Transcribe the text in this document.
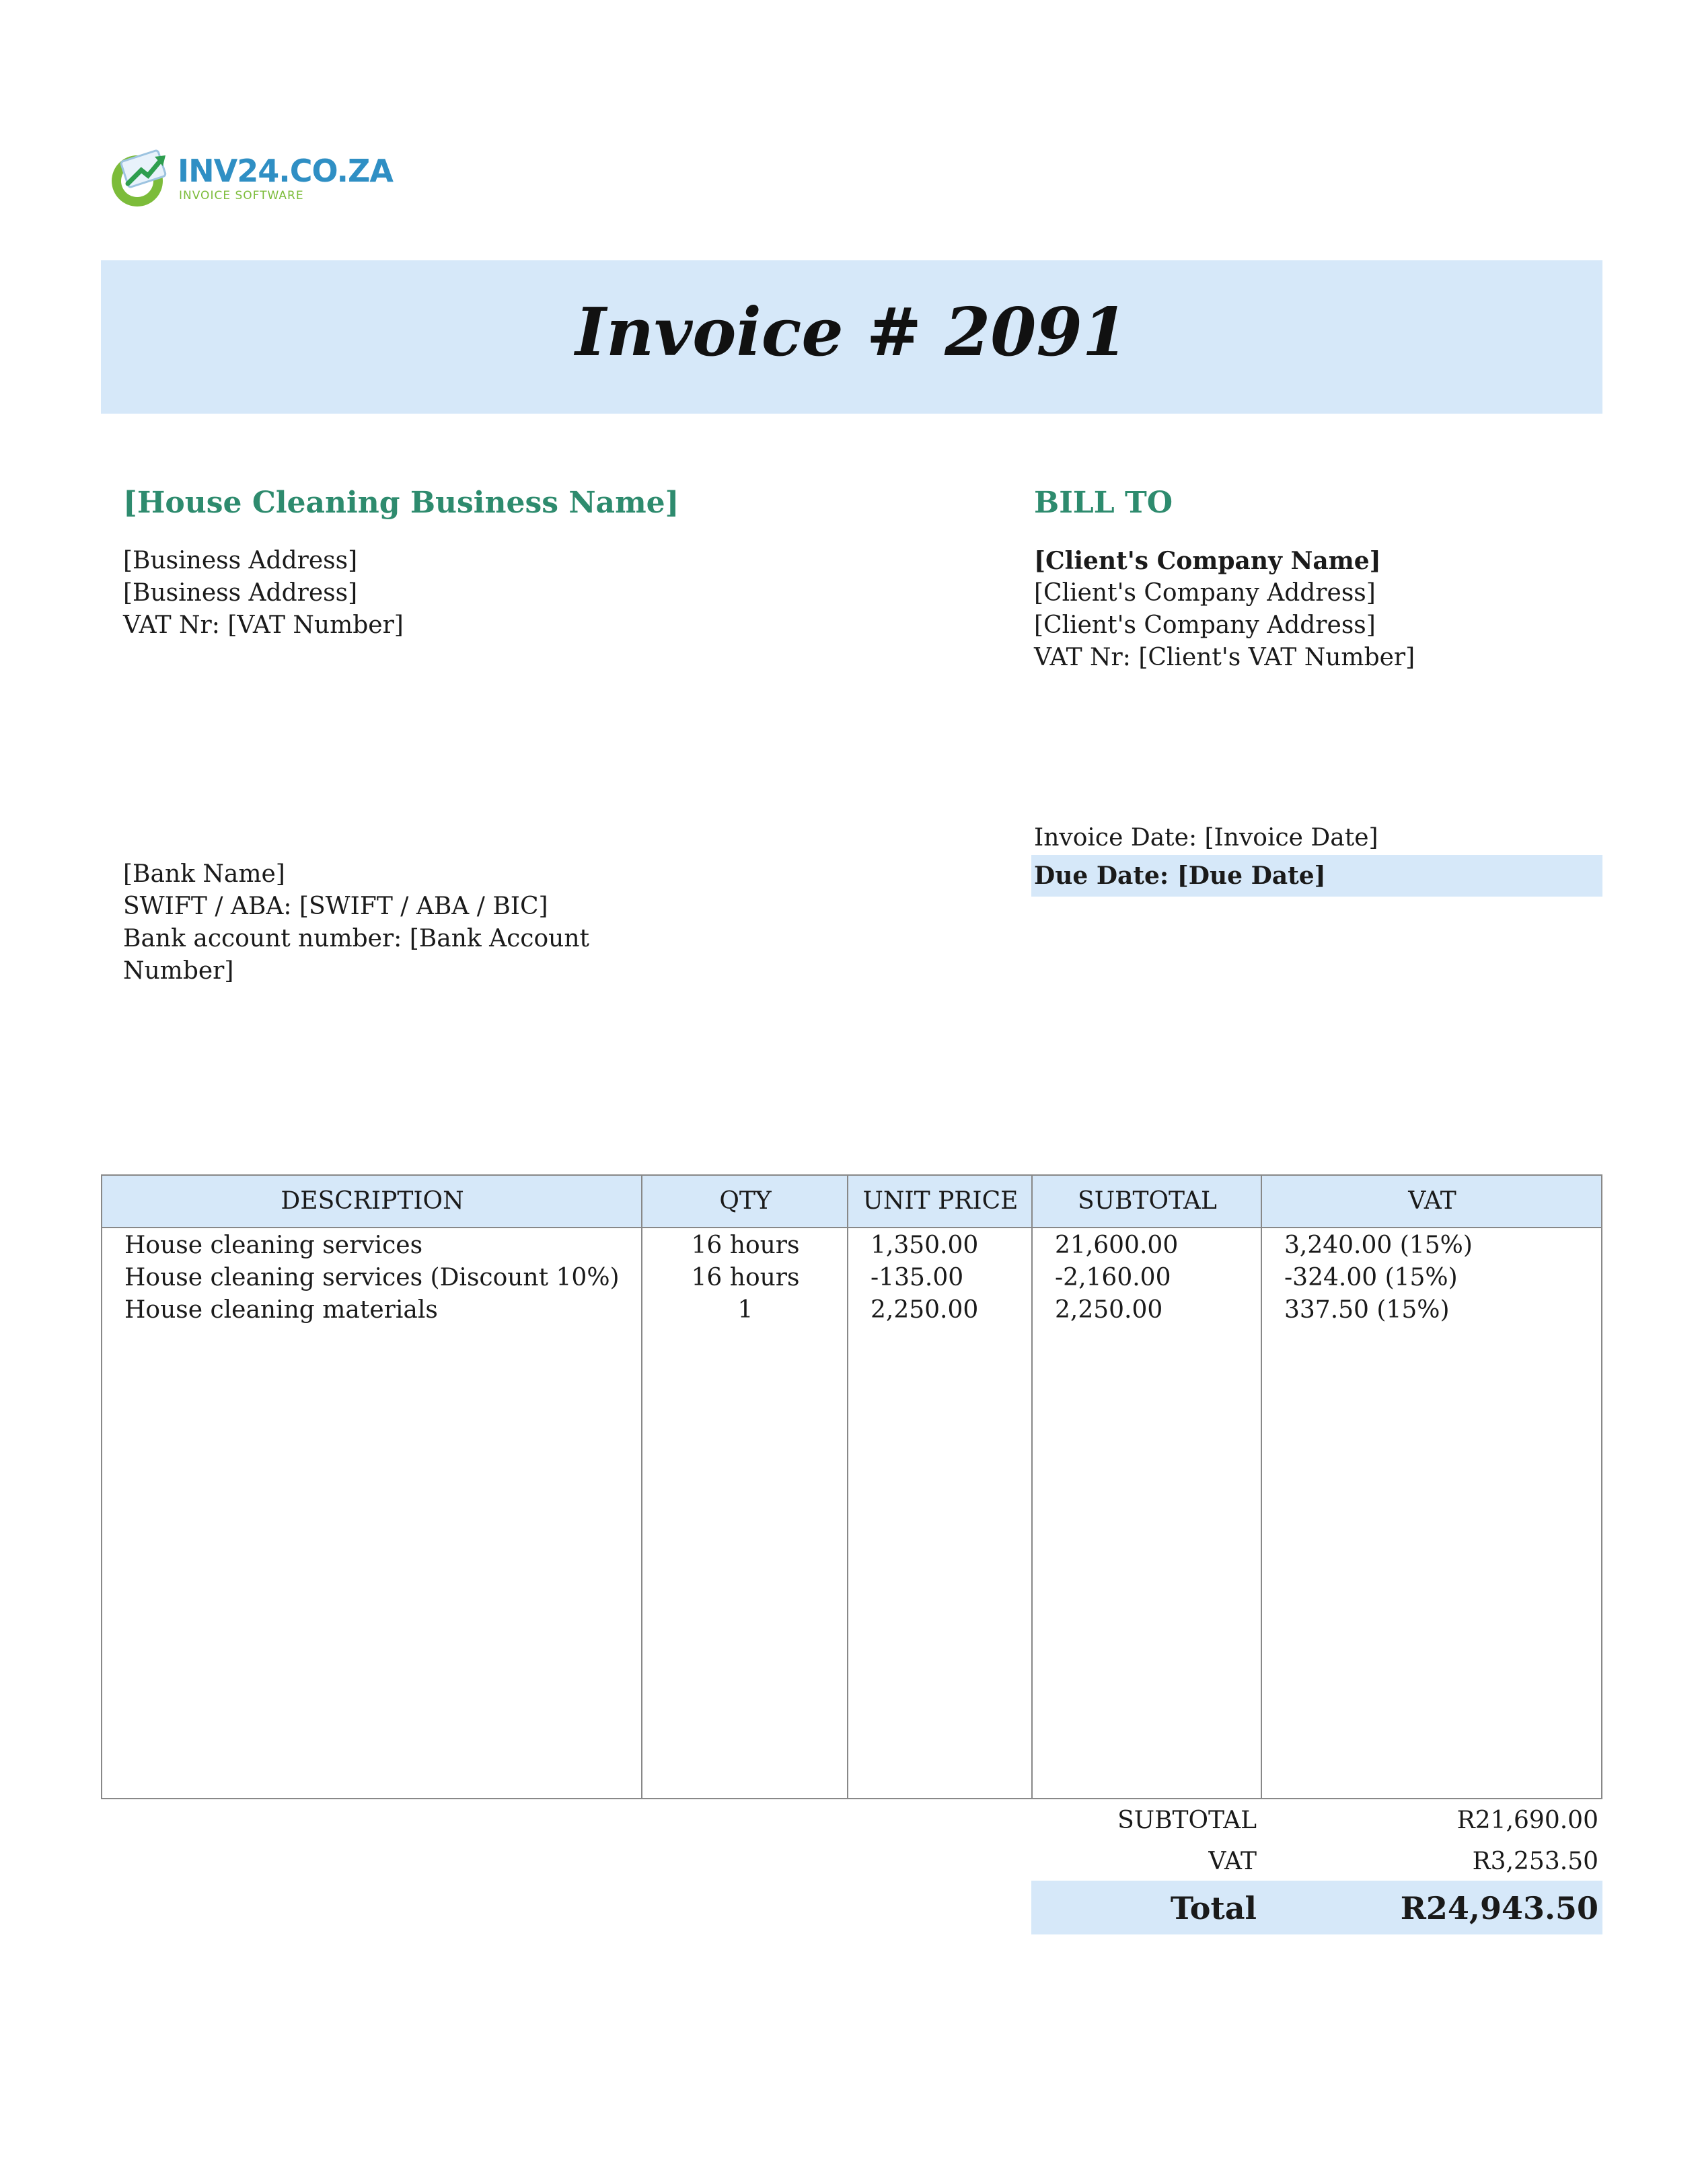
INV24.CO.ZA
INVOICE SOFTWARE
Invoice # 2091
[House Cleaning Business Name]
[Business Address]
[Business Address]
VAT Nr: [VAT Number]
BILL TO
[Client's Company Name]
[Client's Company Address]
[Client's Company Address]
VAT Nr: [Client's VAT Number]
Invoice Date: [Invoice Date]
Due Date: [Due Date]
[Bank Name]
SWIFT / ABA: [SWIFT / ABA / BIC]
Bank account number: [Bank Account
Number]
DESCRIPTION	QTY	UNIT PRICE	SUBTOTAL	VAT
House cleaning services	16 hours	1,350.00	21,600.00	3,240.00 (15%)
House cleaning services (Discount 10%)	16 hours	-135.00	-2,160.00	-324.00 (15%)
House cleaning materials	1	2,250.00	2,250.00	337.50 (15%)
SUBTOTAL	R21,690.00
VAT	R3,253.50
Total	R24,943.50
